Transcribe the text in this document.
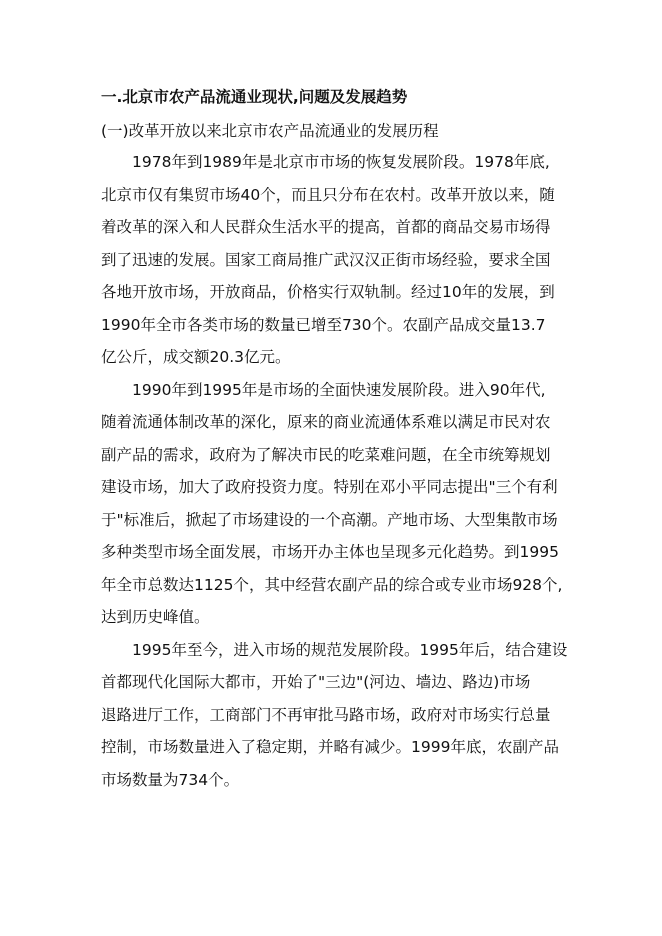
一.北京市农产品流通业现状,问题及发展趋势
(一)改革开放以来北京市农产品流通业的发展历程
1978年到1989年是北京市市场的恢复发展阶段。1978年底,
北京市仅有集贸市场40个，而且只分布在农村。改革开放以来，随
着改革的深入和人民群众生活水平的提高，首都的商品交易市场得
到了迅速的发展。国家工商局推广武汉汉正街市场经验，要求全国
各地开放市场，开放商品，价格实行双轨制。经过10年的发展，到
1990年全市各类市场的数量已增至730个。农副产品成交量13.7
亿公斤，成交额20.3亿元。
1990年到1995年是市场的全面快速发展阶段。进入90年代,
随着流通体制改革的深化，原来的商业流通体系难以满足市民对农
副产品的需求，政府为了解决市民的吃菜难问题，在全市统筹规划
建设市场，加大了政府投资力度。特别在邓小平同志提出"三个有利
于"标准后，掀起了市场建设的一个高潮。产地市场、大型集散市场
多种类型市场全面发展，市场开办主体也呈现多元化趋势。到1995
年全市总数达1125个，其中经营农副产品的综合或专业市场928个,
达到历史峰值。
1995年至今，进入市场的规范发展阶段。1995年后，结合建设
首都现代化国际大都市，开始了"三边"(河边、墙边、路边)市场
退路进厅工作，工商部门不再审批马路市场，政府对市场实行总量
控制，市场数量进入了稳定期，并略有减少。1999年底，农副产品
市场数量为734个。
